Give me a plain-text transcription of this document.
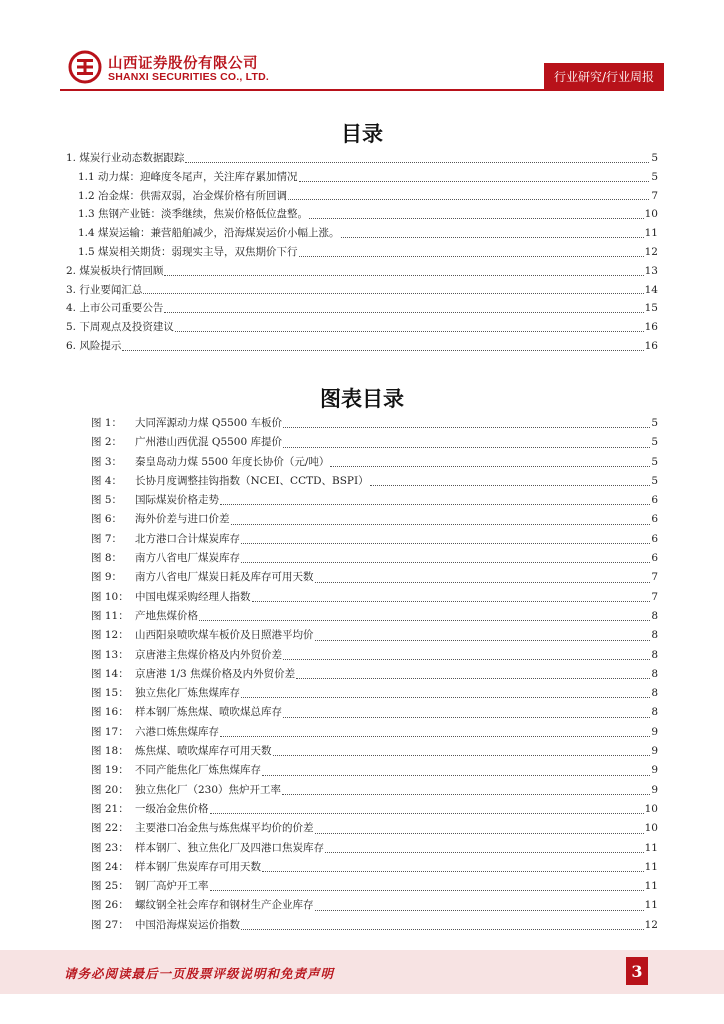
山西证券股份有限公司
SHANXI SECURITIES CO., LTD.	行业研究/行业周报
目录
1. 煤炭行业动态数据跟踪	5
1.1 动力煤：迎峰度冬尾声，关注库存累加情况	5
1.2 冶金煤：供需双弱，冶金煤价格有所回调	7
1.3 焦钢产业链：淡季继续，焦炭价格低位盘整。	10
1.4 煤炭运输：兼营船舶减少，沿海煤炭运价小幅上涨。	11
1.5 煤炭相关期货：弱现实主导，双焦期价下行	12
2. 煤炭板块行情回顾	13
3. 行业要闻汇总	14
4. 上市公司重要公告	15
5. 下周观点及投资建议	16
6. 风险提示	16
图表目录
图 1：	大同浑源动力煤 Q5500 车板价	5
图 2：	广州港山西优混 Q5500 库提价	5
图 3：	秦皇岛动力煤 5500 年度长协价（元/吨）	5
图 4：	长协月度调整挂钩指数（NCEI、CCTD、BSPI）	5
图 5：	国际煤炭价格走势	6
图 6：	海外价差与进口价差	6
图 7：	北方港口合计煤炭库存	6
图 8：	南方八省电厂煤炭库存	6
图 9：	南方八省电厂煤炭日耗及库存可用天数	7
图 10： 中国电煤采购经理人指数	7
图 11： 产地焦煤价格	8
图 12： 山西阳泉喷吹煤车板价及日照港平均价	8
图 13： 京唐港主焦煤价格及内外贸价差	8
图 14： 京唐港 1/3 焦煤价格及内外贸价差	8
图 15： 独立焦化厂炼焦煤库存	8
图 16： 样本钢厂炼焦煤、喷吹煤总库存	8
图 17： 六港口炼焦煤库存	9
图 18： 炼焦煤、喷吹煤库存可用天数	9
图 19： 不同产能焦化厂炼焦煤库存	9
图 20： 独立焦化厂（230）焦炉开工率	9
图 21： 一级冶金焦价格	10
图 22： 主要港口冶金焦与炼焦煤平均价的价差	10
图 23： 样本钢厂、独立焦化厂及四港口焦炭库存	11
图 24： 样本钢厂焦炭库存可用天数	11
图 25： 钢厂高炉开工率	11
图 26： 螺纹钢全社会库存和钢材生产企业库存	11
图 27： 中国沿海煤炭运价指数	12
请务必阅读最后一页股票评级说明和免责声明	3
